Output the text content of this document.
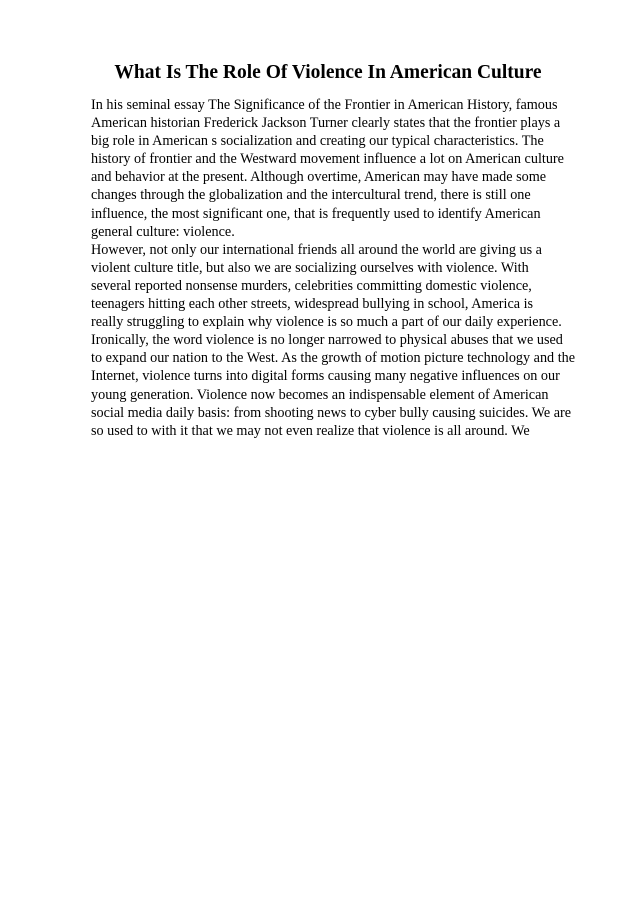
What Is The Role Of Violence In American Culture
In his seminal essay The Significance of the Frontier in American History, famous
American historian Frederick Jackson Turner clearly states that the frontier plays a
big role in American s socialization and creating our typical characteristics. The
history of frontier and the Westward movement influence a lot on American culture
and behavior at the present. Although overtime, American may have made some
changes through the globalization and the intercultural trend, there is still one
influence, the most significant one, that is frequently used to identify American
general culture: violence.
However, not only our international friends all around the world are giving us a
violent culture title, but also we are socializing ourselves with violence. With
several reported nonsense murders, celebrities committing domestic violence,
teenagers hitting each other streets, widespread bullying in school, America is
really struggling to explain why violence is so much a part of our daily experience.
Ironically, the word violence is no longer narrowed to physical abuses that we used
to expand our nation to the West. As the growth of motion picture technology and the
Internet, violence turns into digital forms causing many negative influences on our
young generation. Violence now becomes an indispensable element of American
social media daily basis: from shooting news to cyber bully causing suicides. We are
so used to with it that we may not even realize that violence is all around. We
